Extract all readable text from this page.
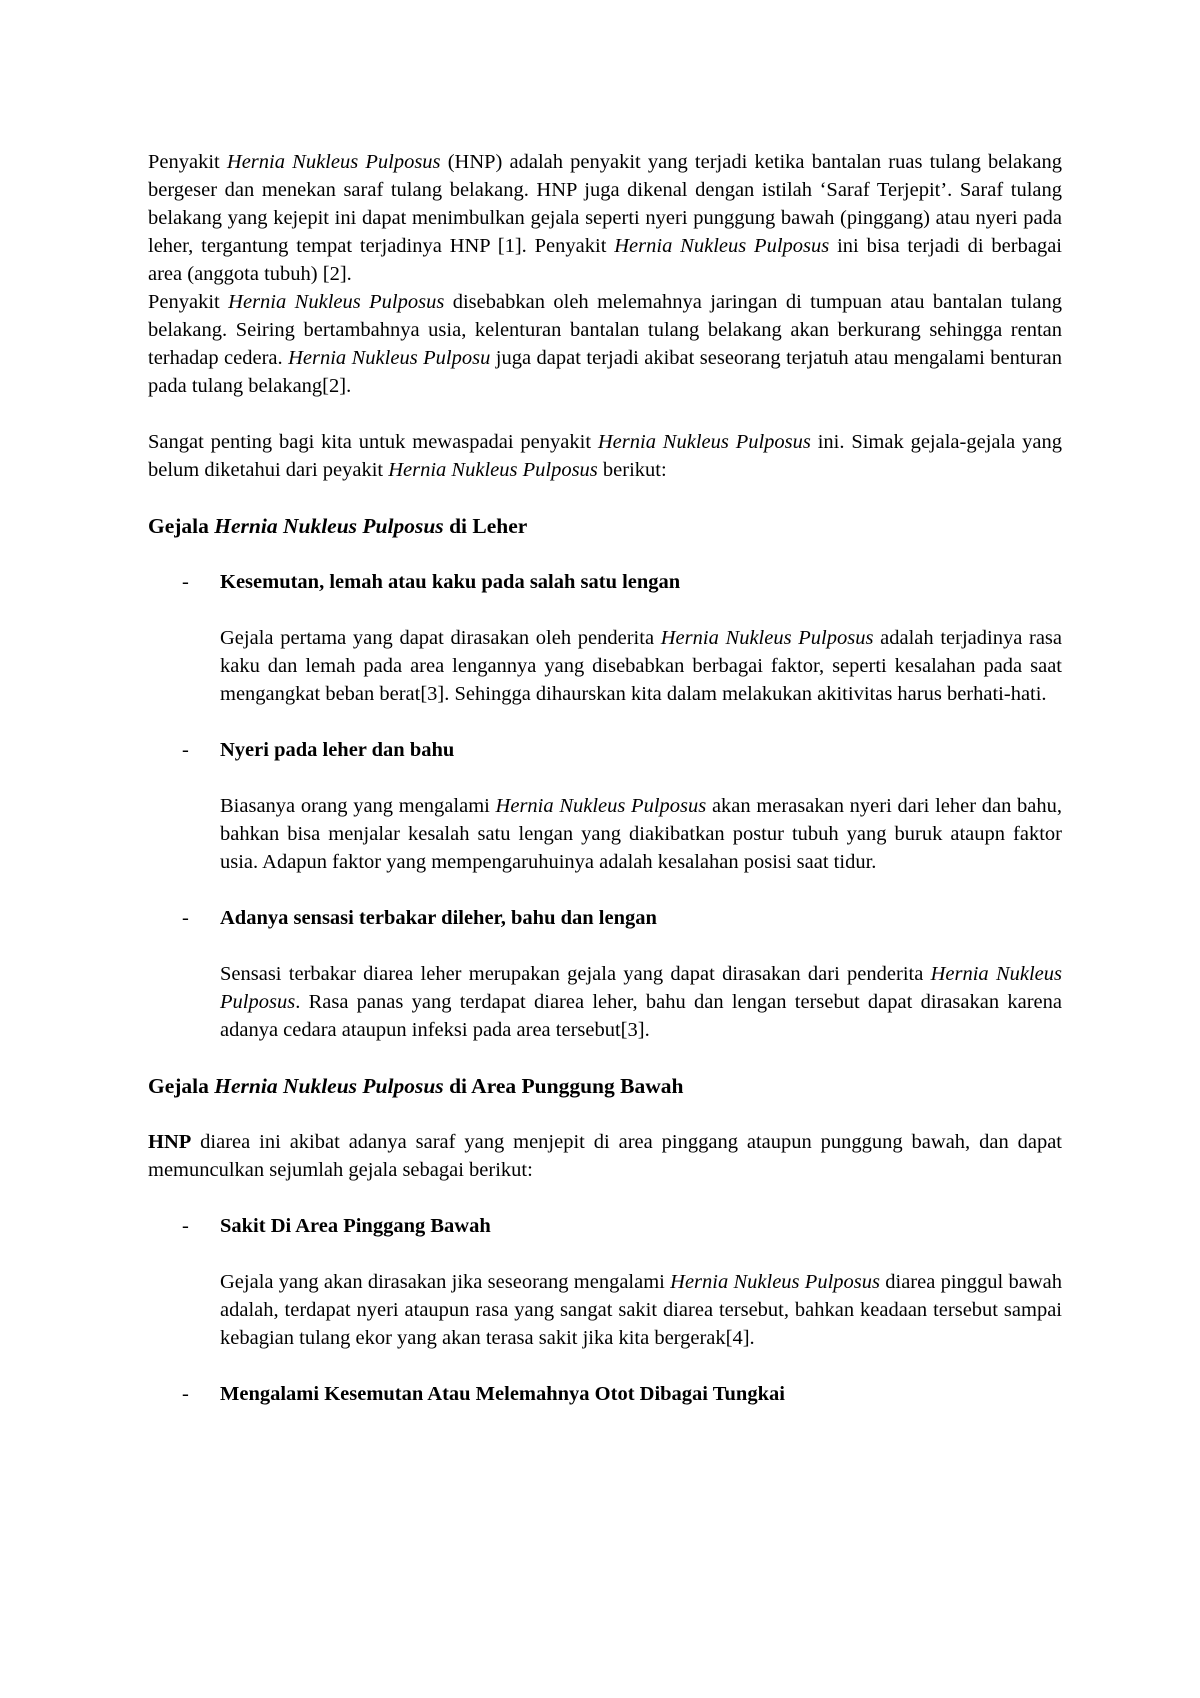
Penyakit Hernia Nukleus Pulposus (HNP) adalah penyakit yang terjadi ketika bantalan ruas tulang belakang bergeser dan menekan saraf tulang belakang. HNP juga dikenal dengan istilah ‘Saraf Terjepit’. Saraf tulang belakang yang kejepit ini dapat menimbulkan gejala seperti nyeri punggung bawah (pinggang) atau nyeri pada leher, tergantung tempat terjadinya HNP [1]. Penyakit Hernia Nukleus Pulposus ini bisa terjadi di berbagai area (anggota tubuh) [2].

Penyakit Hernia Nukleus Pulposus disebabkan oleh melemahnya jaringan di tumpuan atau bantalan tulang belakang. Seiring bertambahnya usia, kelenturan bantalan tulang belakang akan berkurang sehingga rentan terhadap cedera. Hernia Nukleus Pulposu juga dapat terjadi akibat seseorang terjatuh atau mengalami benturan pada tulang belakang[2].

Sangat penting bagi kita untuk mewaspadai penyakit Hernia Nukleus Pulposus ini. Simak gejala-gejala yang belum diketahui dari peyakit Hernia Nukleus Pulposus berikut:

Gejala Hernia Nukleus Pulposus di Leher
-	Kesemutan, lemah atau kaku pada salah satu lengan

Gejala pertama yang dapat dirasakan oleh penderita Hernia Nukleus Pulposus adalah terjadinya rasa kaku dan lemah pada area lengannya yang disebabkan berbagai faktor, seperti kesalahan pada saat mengangkat beban berat[3]. Sehingga dihaurskan kita dalam melakukan akitivitas harus berhati-hati.

-	Nyeri pada leher dan bahu

Biasanya orang yang mengalami Hernia Nukleus Pulposus akan merasakan nyeri dari leher dan bahu, bahkan bisa menjalar kesalah satu lengan yang diakibatkan postur tubuh yang buruk ataupn faktor usia. Adapun faktor yang mempengaruhuinya adalah kesalahan posisi saat tidur.

-	Adanya sensasi terbakar dileher, bahu dan lengan

Sensasi terbakar diarea leher merupakan gejala yang dapat dirasakan dari penderita Hernia Nukleus Pulposus. Rasa panas yang terdapat diarea leher, bahu dan lengan tersebut dapat dirasakan karena adanya cedara ataupun infeksi pada area tersebut[3].

Gejala Hernia Nukleus Pulposus di Area Punggung Bawah

HNP diarea ini akibat adanya saraf yang menjepit di area pinggang ataupun punggung bawah, dan dapat memunculkan sejumlah gejala sebagai berikut:

-	Sakit Di Area Pinggang Bawah

Gejala yang akan dirasakan jika seseorang mengalami Hernia Nukleus Pulposus diarea pinggul bawah adalah, terdapat nyeri ataupun rasa yang sangat sakit diarea tersebut, bahkan keadaan tersebut sampai kebagian tulang ekor yang akan terasa sakit jika kita bergerak[4].

-	Mengalami Kesemutan Atau Melemahnya Otot Dibagai Tungkai
